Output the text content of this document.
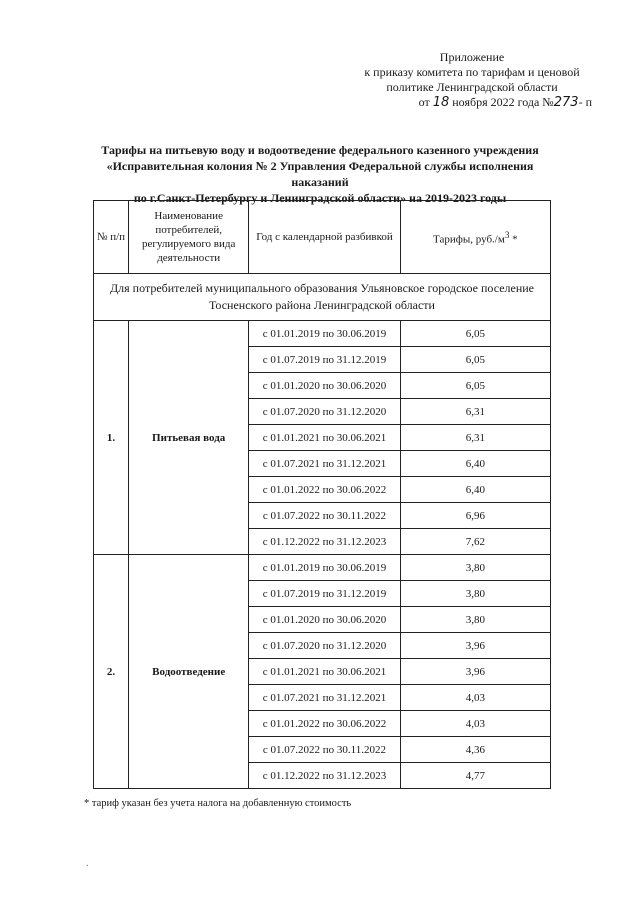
Приложение
к приказу комитета по тарифам и ценовой
политике Ленинградской области
от 18 ноября 2022 года №273- п
Тарифы на питьевую воду и водоотведение федерального казенного учреждения
«Исправительная колония № 2 Управления Федеральной службы исполнения наказаний
по г.Санкт-Петербургу и Ленинградской области» на 2019-2023 годы
№ п/п	Наименование потребителей, регулируемого вида деятельности	Год с календарной разбивкой	Тарифы, $руб./м^3$ *

Для потребителей муниципального образования Ульяновское городское поселение
Тосненского района Ленинградской области			

1.	Питьевая вода	с 01.01.2019 по 30.06.2019	6,05
		с 01.07.2019 по 31.12.2019	6,05
		с 01.01.2020 по 30.06.2020	6,05
		с 01.07.2020 по 31.12.2020	6,31
		с 01.01.2021 по 30.06.2021	6,31
		с 01.07.2021 по 31.12.2021	6,40
		с 01.01.2022 по 30.06.2022	6,40
		с 01.07.2022 по 30.11.2022	6,96
		с 01.12.2022 по 31.12.2023	7,62
2.	Водоотведение	с 01.01.2019 по 30.06.2019	3,80
		с 01.07.2019 по 31.12.2019	3,80
		с 01.01.2020 по 30.06.2020	3,80
		с 01.07.2020 по 31.12.2020	3,96
		с 01.01.2021 по 30.06.2021	3,96
		с 01.07.2021 по 31.12.2021	4,03
		с 01.01.2022 по 30.06.2022	4,03
		с 01.07.2022 по 30.11.2022	4,36
		с 01.12.2022 по 31.12.2023	4,77
* тариф указан без учета налога на добавленную стоимость
.
